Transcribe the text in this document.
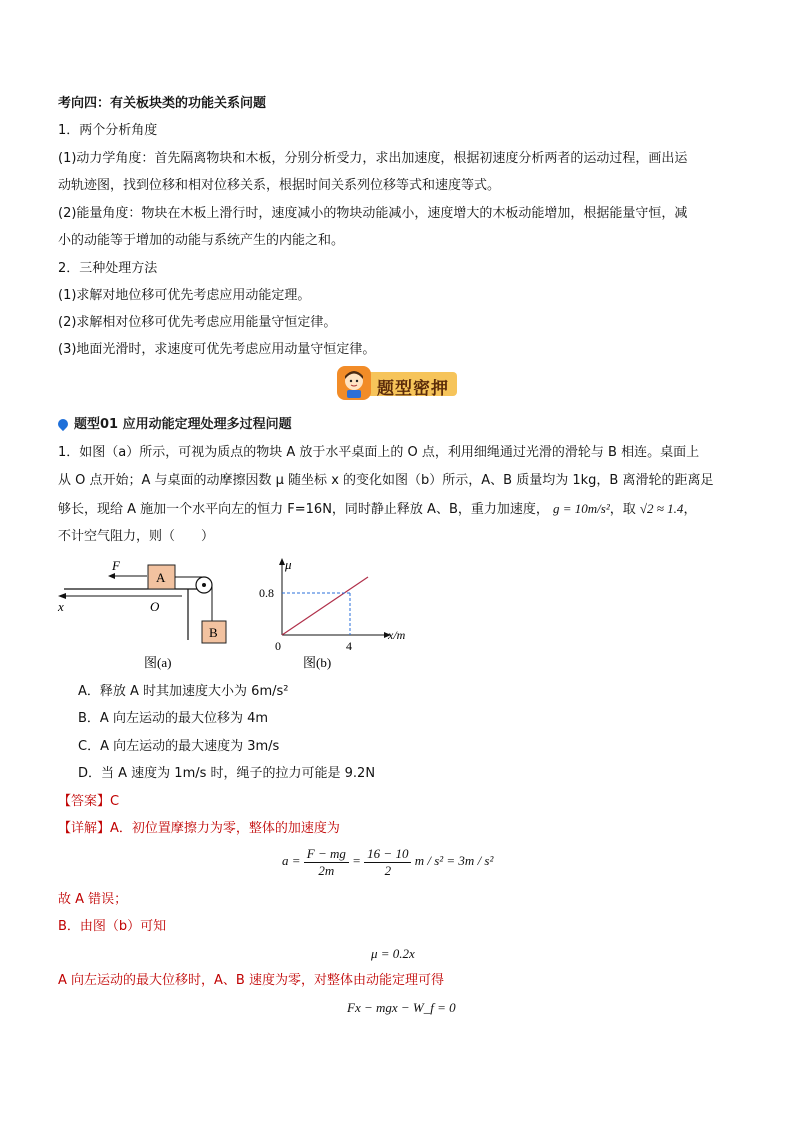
考向四：有关板块类的功能关系问题
1．两个分析角度
(1)动力学角度：首先隔离物块和木板，分别分析受力，求出加速度，根据初速度分析两者的运动过程，画出运
动轨迹图，找到位移和相对位移关系，根据时间关系列位移等式和速度等式。
(2)能量角度：物块在木板上滑行时，速度减小的物块动能减小，速度增大的木板动能增加，根据能量守恒，减
小的动能等于增加的动能与系统产生的内能之和。
2．三种处理方法
(1)求解对地位移可优先考虑应用动能定理。
(2)求解相对位移可优先考虑应用能量守恒定律。
(3)地面光滑时，求速度可优先考虑应用动量守恒定律。
题型密押
题型01 应用动能定理处理多过程问题
1．如图（a）所示，可视为质点的物块 A 放于水平桌面上的 O 点，利用细绳通过光滑的滑轮与 B 相连。桌面上
从 O 点开始；A 与桌面的动摩擦因数 μ 随坐标 x 的变化如图（b）所示，A、B 质量均为 1kg，B 离滑轮的距离足
够长，现给 A 施加一个水平向左的恒力 F=16N，同时静止释放 A、B，重力加速度， g = 10m/s²，取 √2 ≈ 1.4，
不计空气阻力，则（　　）
A
B
F
x	O
图(a)
μ
0.8
0	4
x/m
图(b)
A．释放 A 时其加速度大小为 6m/s²
B．A 向左运动的最大位移为 4m
C．A 向左运动的最大速度为 3m/s
D．当 A 速度为 1m/s 时，绳子的拉力可能是 9.2N
【答案】C
【详解】A．初位置摩擦力为零，整体的加速度为
$a = \frac{F - mg}{2m} = \frac{16 - 10}{2}$ m / s² = 3m / s²
故 A 错误；
B．由图（b）可知
μ = 0.2x
A 向左运动的最大位移时，A、B 速度为零，对整体由动能定理可得
Fx − mgx − W_f = 0
